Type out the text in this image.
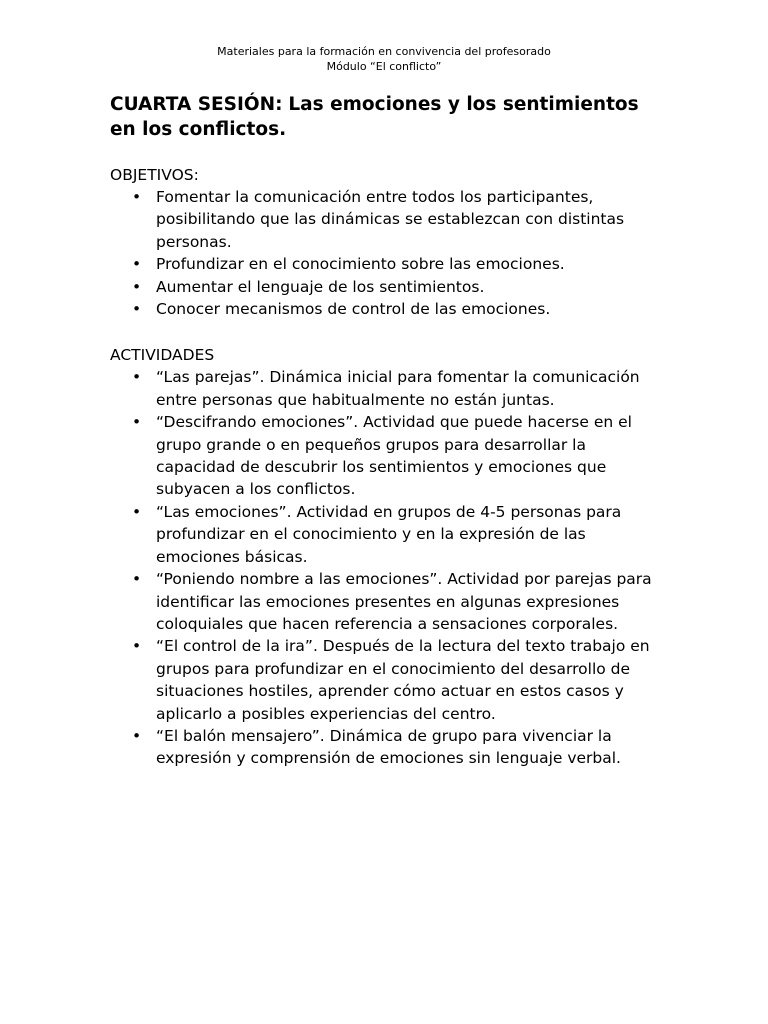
Materiales para la formación en convivencia del profesorado
Módulo “El conflicto”
CUARTA SESIÓN: Las emociones y los sentimientos en los conflictos.
OBJETIVOS:
• Fomentar la comunicación entre todos los participantes, posibilitando que las dinámicas se establezcan con distintas personas.
• Profundizar en el conocimiento sobre las emociones.
• Aumentar el lenguaje de los sentimientos.
• Conocer mecanismos de control de las emociones.
ACTIVIDADES
• “Las parejas”. Dinámica inicial para fomentar la comunicación entre personas que habitualmente no están juntas.
• “Descifrando emociones”. Actividad que puede hacerse en el grupo grande o en pequeños grupos para desarrollar la capacidad de descubrir los sentimientos y emociones que subyacen a los conflictos.
• “Las emociones”. Actividad en grupos de 4-5 personas para profundizar en el conocimiento y en la expresión de las emociones básicas.
• “Poniendo nombre a las emociones”. Actividad por parejas para identificar las emociones presentes en algunas expresiones coloquiales que hacen referencia a sensaciones corporales.
• “El control de la ira”. Después de la lectura del texto trabajo en grupos para profundizar en el conocimiento del desarrollo de situaciones hostiles, aprender cómo actuar en estos casos y aplicarlo a posibles experiencias del centro.
• “El balón mensajero”. Dinámica de grupo para vivenciar la expresión y comprensión de emociones sin lenguaje verbal.
